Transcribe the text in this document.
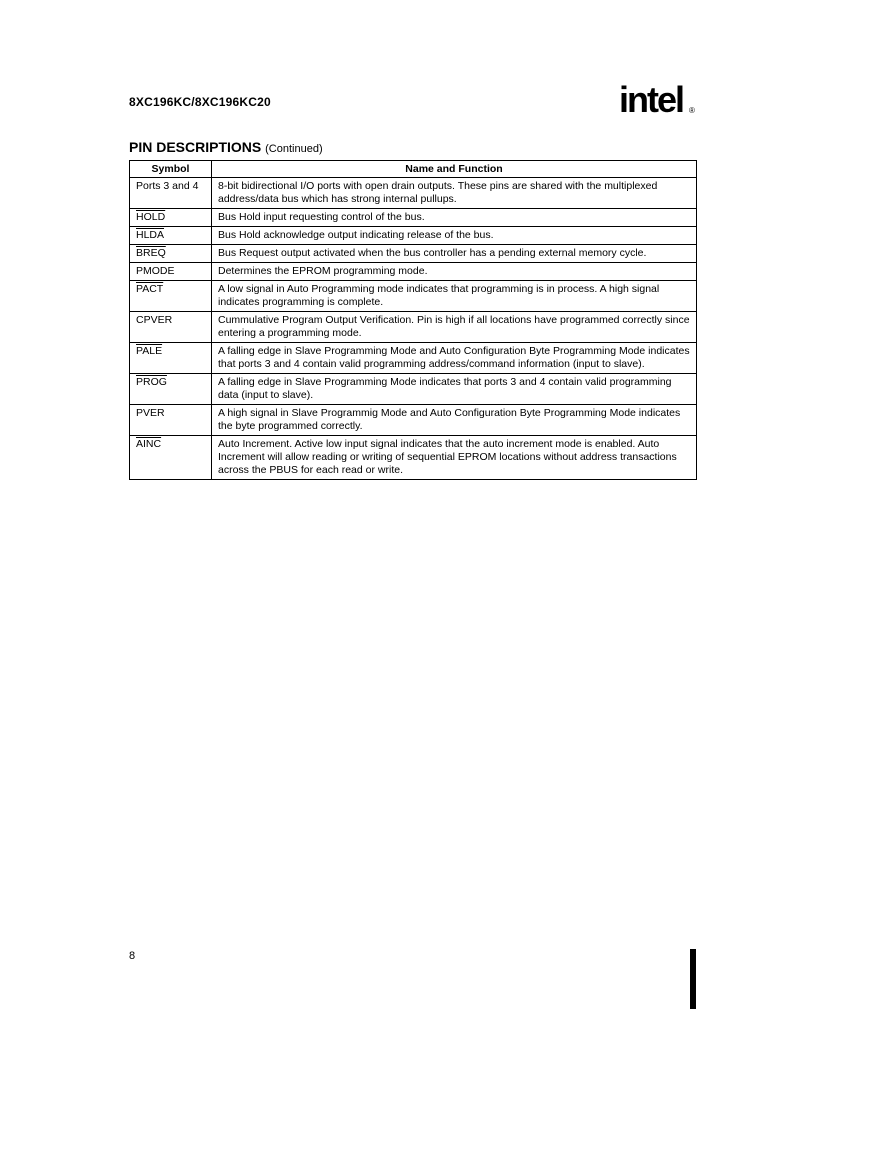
8XC196KC/8XC196KC20	intel ®
PIN DESCRIPTIONS (Continued)
Symbol	Name and Function
Ports 3 and 4	8-bit bidirectional I/O ports with open drain outputs. These pins are shared with the multiplexed address/data bus which has strong internal pullups.
HOLD	Bus Hold input requesting control of the bus.
HLDA	Bus Hold acknowledge output indicating release of the bus.
BREQ	Bus Request output activated when the bus controller has a pending external memory cycle.
PMODE	Determines the EPROM programming mode.
PACT	A low signal in Auto Programming mode indicates that programming is in process. A high signal indicates programming is complete.
CPVER	Cummulative Program Output Verification. Pin is high if all locations have programmed correctly since entering a programming mode.
PALE	A falling edge in Slave Programming Mode and Auto Configuration Byte Programming Mode indicates that ports 3 and 4 contain valid programming address/command information (input to slave).
PROG	A falling edge in Slave Programming Mode indicates that ports 3 and 4 contain valid programming data (input to slave).
PVER	A high signal in Slave Programmig Mode and Auto Configuration Byte Programming Mode indicates the byte programmed correctly.
AINC	Auto Increment. Active low input signal indicates that the auto increment mode is enabled. Auto Increment will allow reading or writing of sequential EPROM locations without address transactions across the PBUS for each read or write.
8
